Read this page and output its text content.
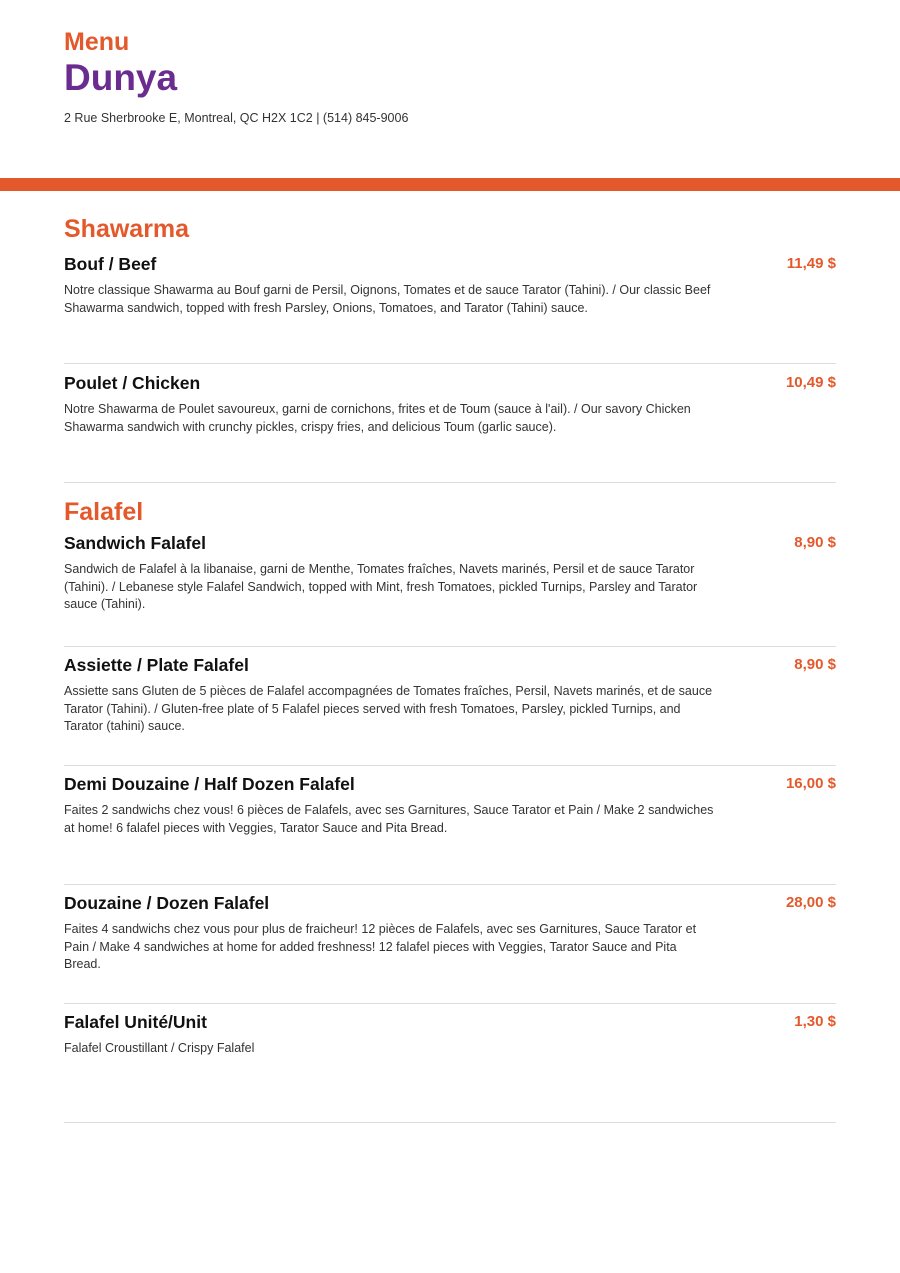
Menu
Dunya
2 Rue Sherbrooke E, Montreal, QC H2X 1C2 | (514) 845-9006
Shawarma
11,49 $
Bouf / Beef
Notre classique Shawarma au Bouf garni de Persil, Oignons, Tomates et de sauce Tarator (Tahini). / Our classic Beef Shawarma sandwich, topped with fresh Parsley, Onions, Tomatoes, and Tarator (Tahini) sauce.
10,49 $
Poulet / Chicken
Notre Shawarma de Poulet savoureux, garni de cornichons, frites et de Toum (sauce à l'ail). / Our savory Chicken Shawarma sandwich with crunchy pickles, crispy fries, and delicious Toum (garlic sauce).
Falafel
8,90 $
Sandwich Falafel
Sandwich de Falafel à la libanaise, garni de Menthe, Tomates fraîches, Navets marinés, Persil et de sauce Tarator (Tahini). / Lebanese style Falafel Sandwich, topped with Mint, fresh Tomatoes, pickled Turnips, Parsley and Tarator sauce (Tahini).
8,90 $
Assiette / Plate Falafel
Assiette sans Gluten de 5 pièces de Falafel accompagnées de Tomates fraîches, Persil, Navets marinés, et de sauce Tarator (Tahini). / Gluten-free plate of 5 Falafel pieces served with fresh Tomatoes, Parsley, pickled Turnips, and Tarator (tahini) sauce.
16,00 $
Demi Douzaine / Half Dozen Falafel
Faites 2 sandwichs chez vous! 6 pièces de Falafels, avec ses Garnitures, Sauce Tarator et Pain / Make 2 sandwiches at home! 6 falafel pieces with Veggies, Tarator Sauce and Pita Bread.
28,00 $
Douzaine / Dozen Falafel
Faites 4 sandwichs chez vous pour plus de fraicheur! 12 pièces de Falafels, avec ses Garnitures, Sauce Tarator et Pain / Make 4 sandwiches at home for added freshness! 12 falafel pieces with Veggies, Tarator Sauce and Pita Bread.
1,30 $
Falafel Unité/Unit
Falafel Croustillant / Crispy Falafel
